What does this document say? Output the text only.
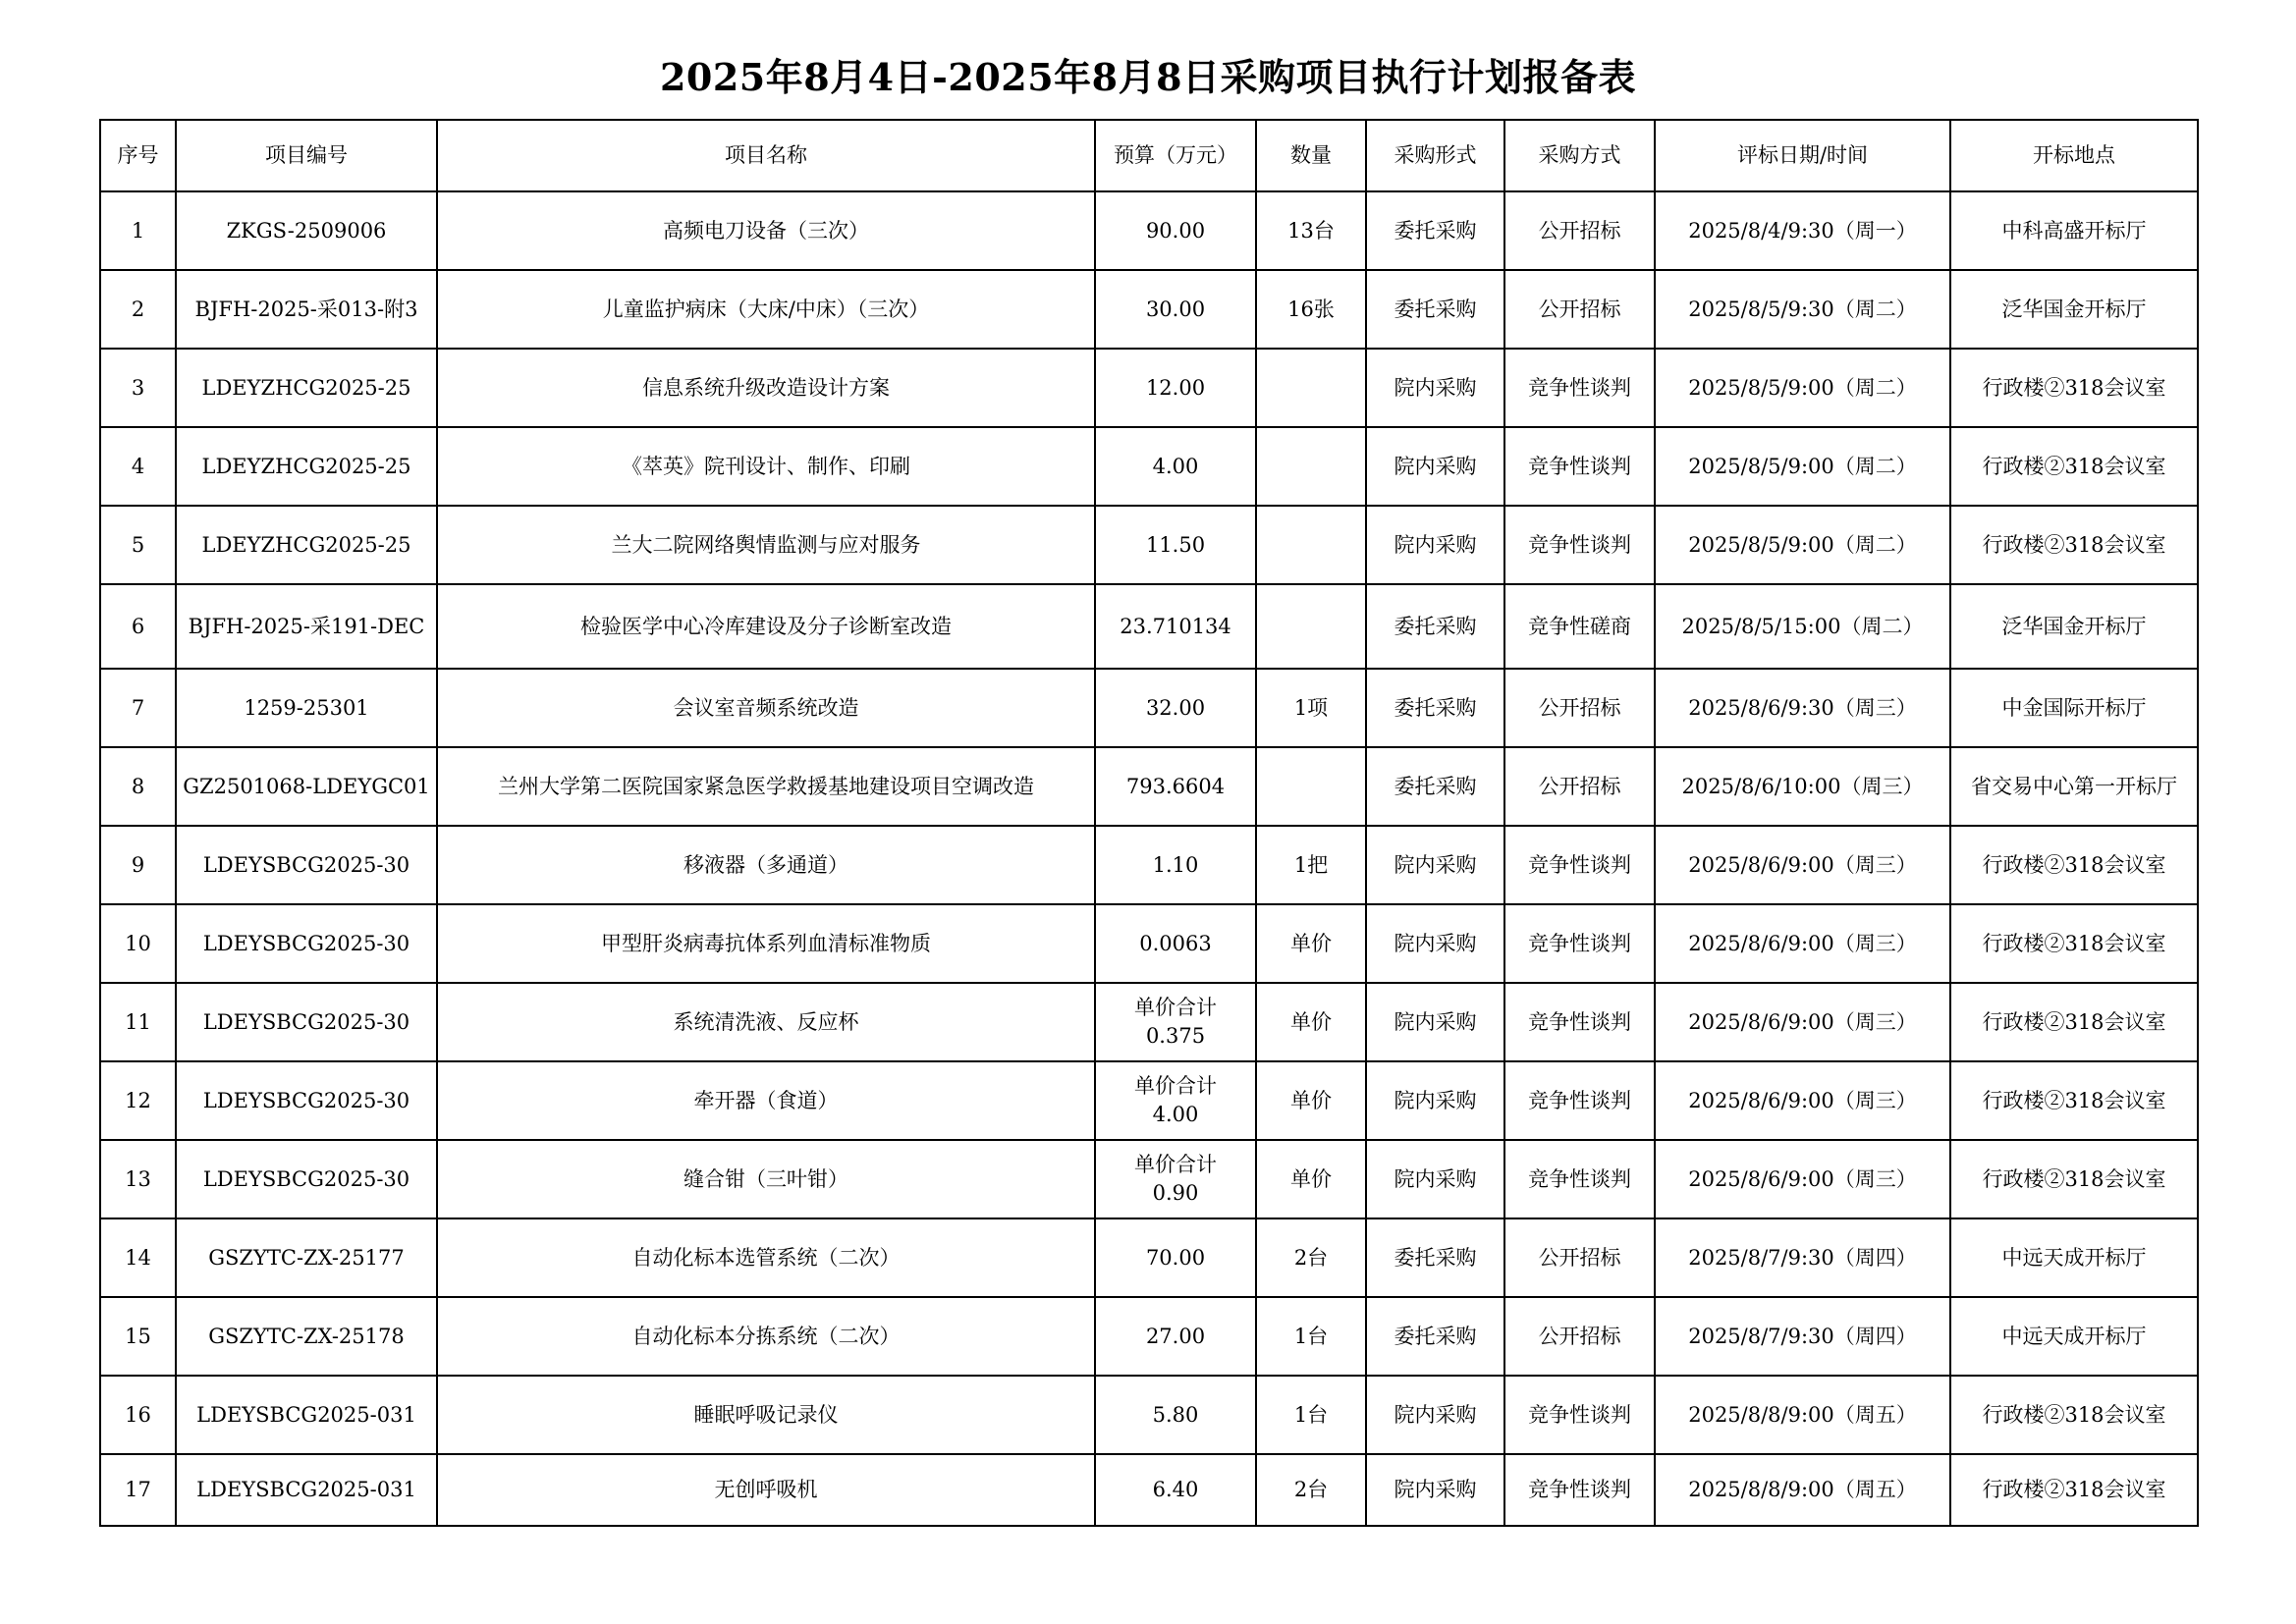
2025年8月4日-2025年8月8日采购项目执行计划报备表
序号	项目编号	项目名称	预算（万元）	数量	采购形式	采购方式	评标日期/时间	开标地点
1	ZKGS-2509006	高频电刀设备（三次）	90.00	13台	委托采购	公开招标	2025/8/4/9:30（周一）	中科高盛开标厅
2	BJFH-2025-采013-附3	儿童监护病床（大床/中床）（三次）	30.00	16张	委托采购	公开招标	2025/8/5/9:30（周二）	泛华国金开标厅
3	LDEYZHCG2025-25	信息系统升级改造设计方案	12.00		院内采购	竞争性谈判	2025/8/5/9:00（周二）	行政楼②318会议室
4	LDEYZHCG2025-25	《萃英》院刊设计、制作、印刷	4.00		院内采购	竞争性谈判	2025/8/5/9:00（周二）	行政楼②318会议室
5	LDEYZHCG2025-25	兰大二院网络舆情监测与应对服务	11.50		院内采购	竞争性谈判	2025/8/5/9:00（周二）	行政楼②318会议室
6	BJFH-2025-采191-DEC	检验医学中心冷库建设及分子诊断室改造	23.710134		委托采购	竞争性磋商	2025/8/5/15:00（周二）	泛华国金开标厅
7	1259-25301	会议室音频系统改造	32.00	1项	委托采购	公开招标	2025/8/6/9:30（周三）	中金国际开标厅
8	GZ2501068-LDEYGC01	兰州大学第二医院国家紧急医学救援基地建设项目空调改造	793.6604		委托采购	公开招标	2025/8/6/10:00（周三）	省交易中心第一开标厅
9	LDEYSBCG2025-30	移液器（多通道）	1.10	1把	院内采购	竞争性谈判	2025/8/6/9:00（周三）	行政楼②318会议室
10	LDEYSBCG2025-30	甲型肝炎病毒抗体系列血清标准物质	0.0063	单价	院内采购	竞争性谈判	2025/8/6/9:00（周三）	行政楼②318会议室
11	LDEYSBCG2025-30	系统清洗液、反应杯	单价合计
0.375	单价	院内采购	竞争性谈判	2025/8/6/9:00（周三）	行政楼②318会议室
12	LDEYSBCG2025-30	牵开器（食道）	单价合计
4.00	单价	院内采购	竞争性谈判	2025/8/6/9:00（周三）	行政楼②318会议室
13	LDEYSBCG2025-30	缝合钳（三叶钳）	单价合计
0.90	单价	院内采购	竞争性谈判	2025/8/6/9:00（周三）	行政楼②318会议室
14	GSZYTC-ZX-25177	自动化标本选管系统（二次）	70.00	2台	委托采购	公开招标	2025/8/7/9:30（周四）	中远天成开标厅
15	GSZYTC-ZX-25178	自动化标本分拣系统（二次）	27.00	1台	委托采购	公开招标	2025/8/7/9:30（周四）	中远天成开标厅
16	LDEYSBCG2025-031	睡眠呼吸记录仪	5.80	1台	院内采购	竞争性谈判	2025/8/8/9:00（周五）	行政楼②318会议室
17	LDEYSBCG2025-031	无创呼吸机	6.40	2台	院内采购	竞争性谈判	2025/8/8/9:00（周五）	行政楼②318会议室
